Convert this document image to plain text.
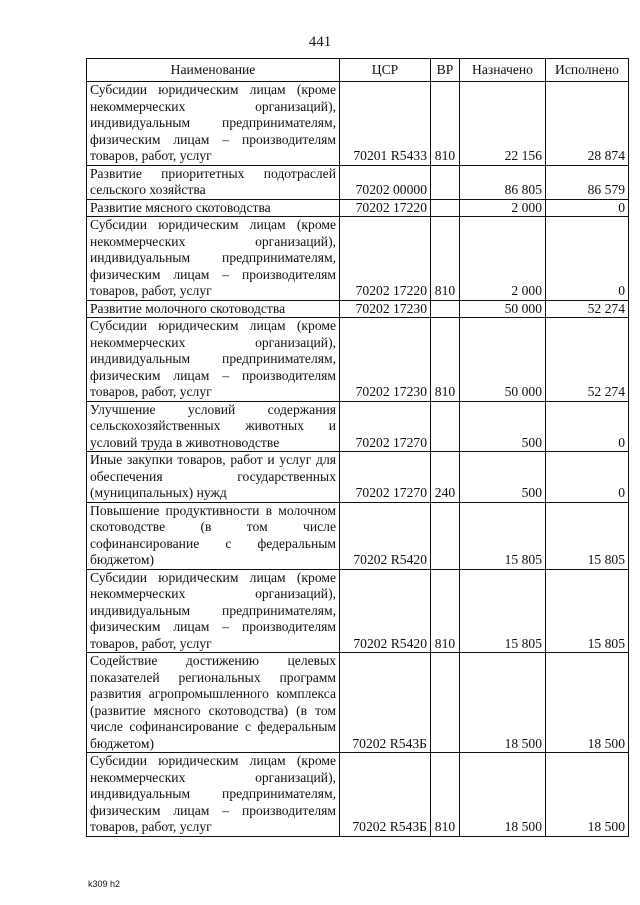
441
Наименование	ЦСР	ВР	Назначено	Исполнено
Субсидии юридическим лицам (кроме некоммерческих организаций), индивидуальным предпринимателям, физическим лицам – производителям товаров, работ, услуг	70201 R5433	810	22 156	28 874
Развитие приоритетных подотраслей сельского хозяйства	70202 00000		86 805	86 579
Развитие мясного скотоводства	70202 17220		2 000	0
Субсидии юридическим лицам (кроме некоммерческих организаций), индивидуальным предпринимателям, физическим лицам – производителям товаров, работ, услуг	70202 17220	810	2 000	0
Развитие молочного скотоводства	70202 17230		50 000	52 274
Субсидии юридическим лицам (кроме некоммерческих организаций), индивидуальным предпринимателям, физическим лицам – производителям товаров, работ, услуг	70202 17230	810	50 000	52 274
Улучшение условий содержания сельскохозяйственных животных и условий труда в животноводстве	70202 17270		500	0
Иные закупки товаров, работ и услуг для обеспечения государственных (муниципальных) нужд	70202 17270	240	500	0
Повышение продуктивности в молочном скотоводстве (в том числе софинансирование с федеральным бюджетом)	70202 R5420		15 805	15 805
Субсидии юридическим лицам (кроме некоммерческих организаций), индивидуальным предпринимателям, физическим лицам – производителям товаров, работ, услуг	70202 R5420	810	15 805	15 805
Содействие достижению целевых показателей региональных программ развития агропромышленного комплекса (развитие мясного скотоводства) (в том числе софинансирование с федеральным бюджетом)	70202 R543Б		18 500	18 500
Субсидии юридическим лицам (кроме некоммерческих организаций), индивидуальным предпринимателям, физическим лицам – производителям товаров, работ, услуг	70202 R543Б	810	18 500	18 500
k309 h2
